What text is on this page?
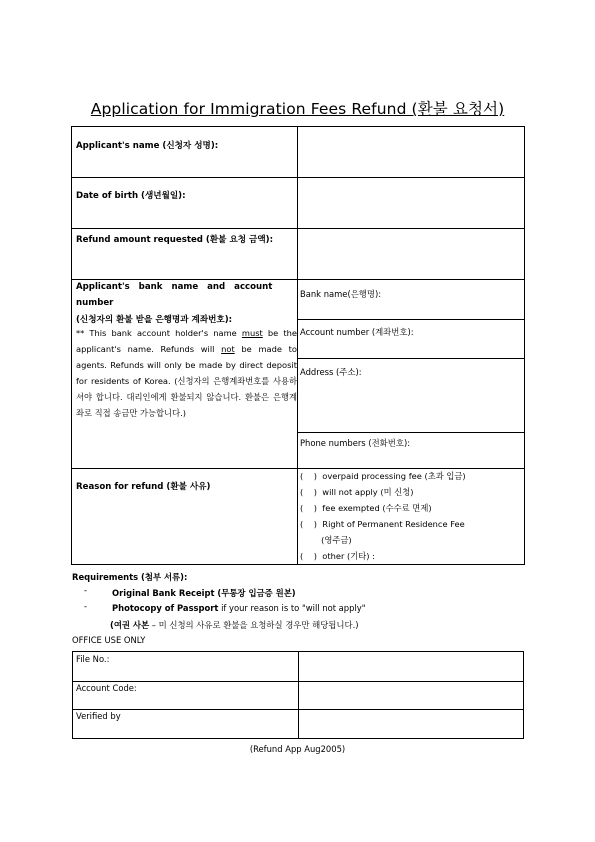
Application for Immigration Fees Refund (환불 요청서)
Applicant's name (신청자 성명):
Date of birth (생년월일):
Refund amount requested (환불 요청 금액):
Applicant's   bank   name   and   account
number
(신청자의 환불 받을 은행명과 계좌번호):
** This bank account holder's name must be the applicant's name. Refunds will not be made to agents. Refunds will only be made by direct deposit for residents of Korea. (신청자의 은행계좌번호를 사용하셔야 합니다. 대리인에게 환불되지 않습니다. 환불은 은행계좌로 직접 송금만 가능합니다.)
Bank name(은행명):
Account number (계좌번호):
Address (주소):
Phone numbers (전화번호):
Reason for refund (환불 사유)
(    )  overpaid processing fee (초과 입금)
(    )  will not apply (미 신청)
(    )  fee exempted (수수료 면제)
(    )  Right of Permanent Residence Fee
(영주금)
(    )  other (기타) :
Requirements (첨부 서류):
-	Original Bank Receipt (무통장 입금증 원본)
-	Photocopy of Passport if your reason is to "will not apply"
(여권 사본 – 미 신청의 사유로 환불을 요청하실 경우만 해당됩니다.)
OFFICE USE ONLY
File No.:
Account Code:
Verified by
(Refund App Aug2005)
